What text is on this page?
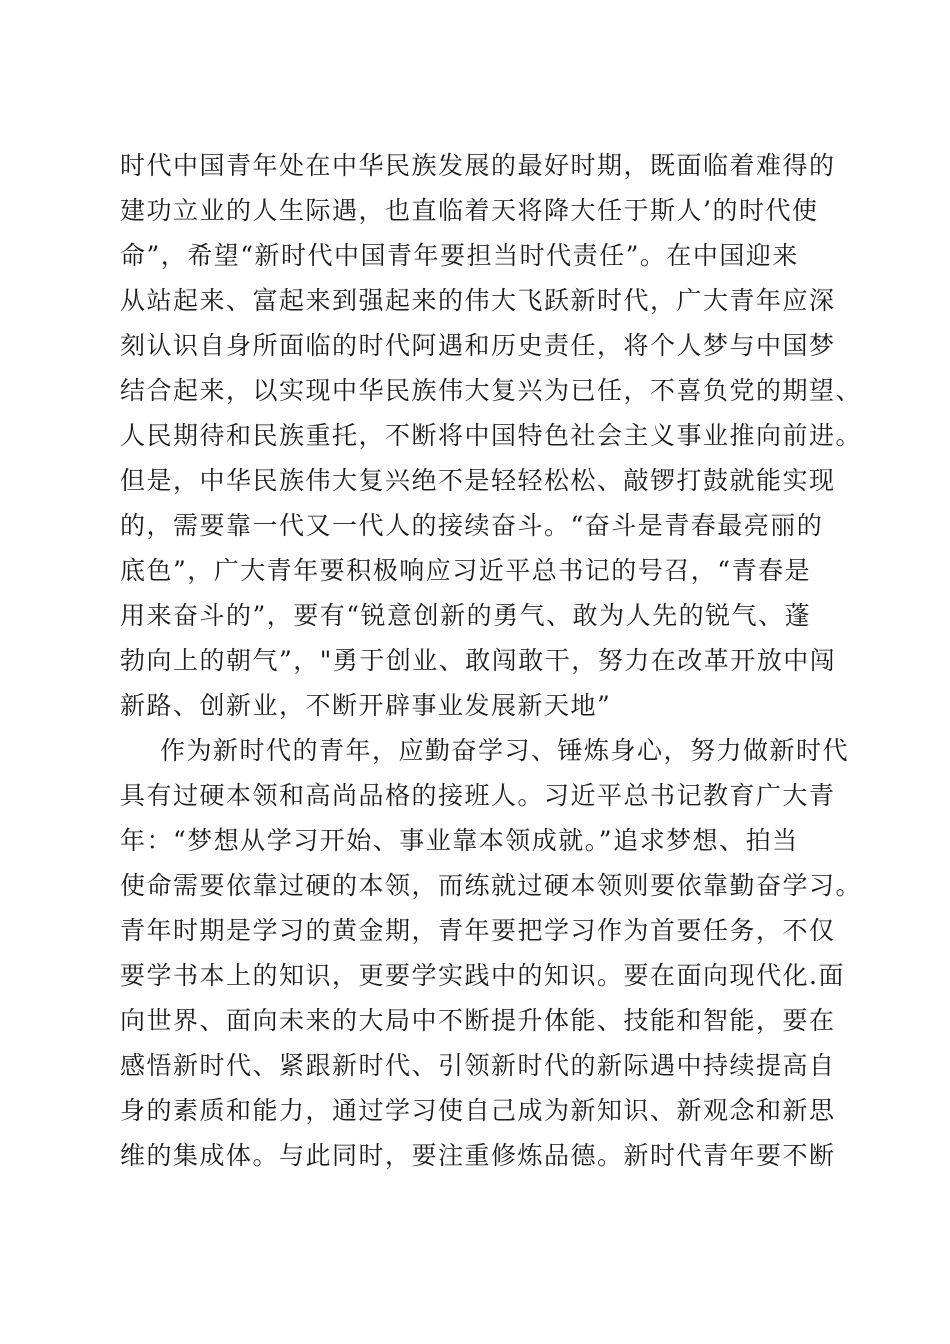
时代中国青年处在中华民族发展的最好时期，既面临着难得的
建功立业的人生际遇，也直临着天将降大任于斯人’的时代使
命”，希望“新时代中国青年要担当时代责任”。在中国迎来
从站起来、富起来到强起来的伟大飞跃新时代，广大青年应深
刻认识自身所面临的时代阿遇和历史责任，将个人梦与中国梦
结合起来，以实现中华民族伟大复兴为已任，不喜负党的期望、
人民期待和民族重托，不断将中国特色社会主义事业推向前进。
但是，中华民族伟大复兴绝不是轻轻松松、敲锣打鼓就能实现
的，需要靠一代又一代人的接续奋斗。“奋斗是青春最亮丽的
底色”，广大青年要积极响应习近平总书记的号召，“青春是
用来奋斗的”，要有“锐意创新的勇气、敢为人先的锐气、蓬
勃向上的朝气”，"勇于创业、敢闯敢干，努力在改革开放中闯
新路、创新业，不断开辟事业发展新天地”
作为新时代的青年，应勤奋学习、锤炼身心，努力做新时代
具有过硬本领和高尚品格的接班人。习近平总书记教育广大青
年：“梦想从学习开始、事业靠本领成就。”追求梦想、拍当
使命需要依靠过硬的本领，而练就过硬本领则要依靠勤奋学习。
青年时期是学习的黄金期，青年要把学习作为首要任务，不仅
要学书本上的知识，更要学实践中的知识。要在面向现代化.面
向世界、面向未来的大局中不断提升体能、技能和智能，要在
感悟新时代、紧跟新时代、引领新时代的新际遇中持续提高自
身的素质和能力，通过学习使自己成为新知识、新观念和新思
维的集成体。与此同时，要注重修炼品德。新时代青年要不断
